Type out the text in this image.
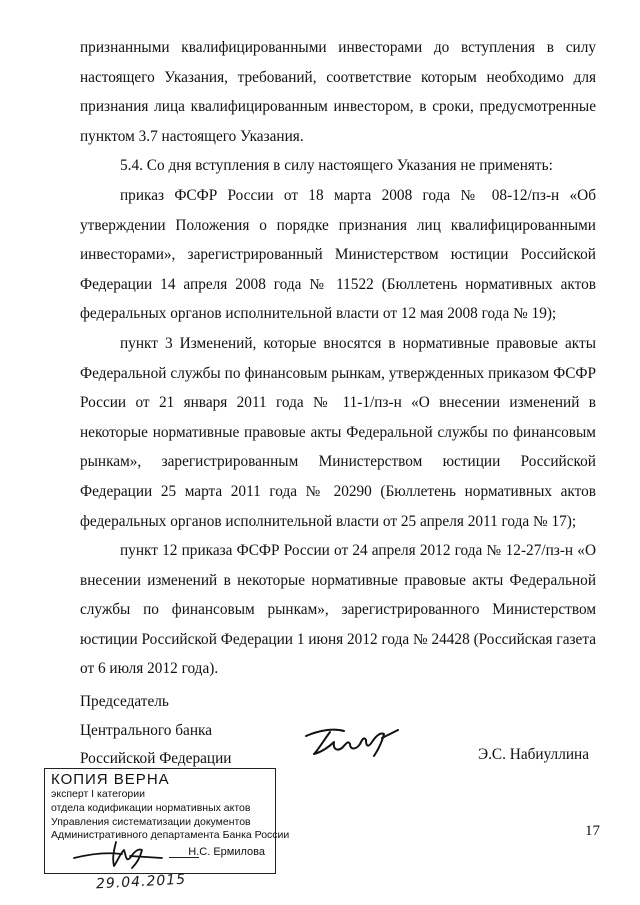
признанными квалифицированными инвесторами до вступления в силу

настоящего Указания, требований, соответствие которым необходимо для

признания лица квалифицированным инвестором, в сроки, предусмотренные

пунктом 3.7 настоящего Указания.

5.4. Со дня вступления в силу настоящего Указания не применять:

приказ ФСФР России от 18 марта 2008 года № 08-12/пз-н «Об утверждении Положения о порядке признания лиц квалифицированными инвесторами», зарегистрированный Министерством юстиции Российской Федерации 14 апреля 2008 года № 11522 (Бюллетень нормативных актов федеральных органов исполнительной власти от 12 мая 2008 года № 19);

пункт 3 Изменений, которые вносятся в нормативные правовые акты Федеральной службы по финансовым рынкам, утвержденных приказом ФСФР России от 21 января 2011 года № 11-1/пз-н «О внесении изменений в некоторые нормативные правовые акты Федеральной службы по финансовым рынкам», зарегистрированным Министерством юстиции Российской Федерации 25 марта 2011 года № 20290 (Бюллетень нормативных актов федеральных органов исполнительной власти от 25 апреля 2011 года № 17);

пункт 12 приказа ФСФР России от 24 апреля 2012 года № 12-27/пз-н «О внесении изменений в некоторые нормативные правовые акты Федеральной службы по финансовым рынкам», зарегистрированного Министерством юстиции Российской Федерации 1 июня 2012 года № 24428 (Российская газета от 6 июля 2012 года).

Председатель
Центрального банка
Российской Федерации	Э.С. Набиуллина
КОПИЯ ВЕРНА
эксперт I категории
отдела кодификации нормативных актов
Управления систематизации документов
Административного департамента Банка России
Н.С. Ермилова
29.04.2015
17
